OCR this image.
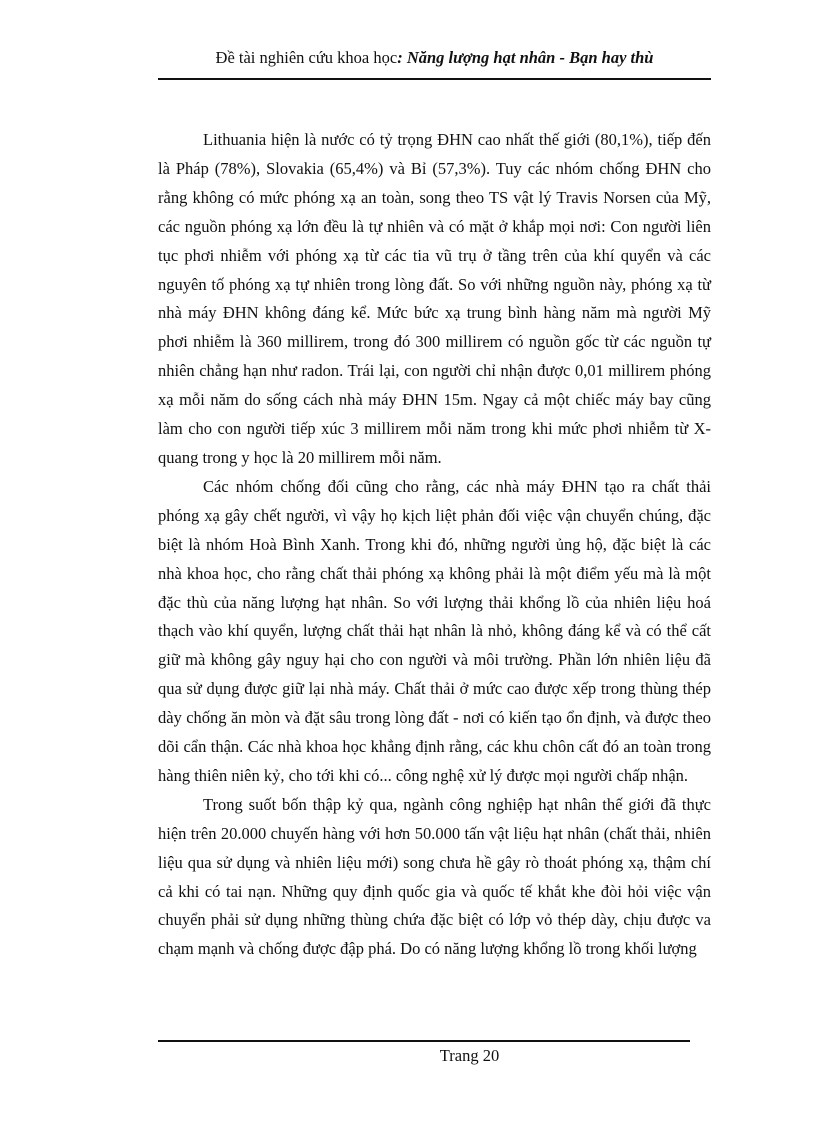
Đề tài nghiên cứu khoa học: Năng lượng hạt nhân - Bạn hay thù

Lithuania hiện là nước có tỷ trọng ĐHN cao nhất thế giới (80,1%), tiếp đến là Pháp (78%), Slovakia (65,4%) và Bỉ (57,3%). Tuy các nhóm chống ĐHN cho rằng không có mức phóng xạ an toàn, song theo TS vật lý Travis Norsen của Mỹ, các nguồn phóng xạ lớn đều là tự nhiên và có mặt ở khắp mọi nơi: Con người liên tục phơi nhiễm với phóng xạ từ các tia vũ trụ ở tầng trên của khí quyển và các nguyên tố phóng xạ tự nhiên trong lòng đất. So với những nguồn này, phóng xạ từ nhà máy ĐHN không đáng kể. Mức bức xạ trung bình hàng năm mà người Mỹ phơi nhiễm là 360 millirem, trong đó 300 millirem có nguồn gốc từ các nguồn tự nhiên chẳng hạn như radon. Trái lại, con người chỉ nhận được 0,01 millirem phóng xạ mỗi năm do sống cách nhà máy ĐHN 15m. Ngay cả một chiếc máy bay cũng làm cho con người tiếp xúc 3 millirem mỗi năm trong khi mức phơi nhiễm từ X-quang trong y học là 20 millirem mỗi năm.

Các nhóm chống đối cũng cho rằng, các nhà máy ĐHN tạo ra chất thải phóng xạ gây chết người, vì vậy họ kịch liệt phản đối việc vận chuyển chúng, đặc biệt là nhóm Hoà Bình Xanh. Trong khi đó, những người ủng hộ, đặc biệt là các nhà khoa học, cho rằng chất thải phóng xạ không phải là một điểm yếu mà là một đặc thù của năng lượng hạt nhân. So với lượng thải khổng lồ của nhiên liệu hoá thạch vào khí quyển, lượng chất thải hạt nhân là nhỏ, không đáng kể và có thể cất giữ mà không gây nguy hại cho con người và môi trường. Phần lớn nhiên liệu đã qua sử dụng được giữ lại nhà máy. Chất thải ở mức cao được xếp trong thùng thép dày chống ăn mòn và đặt sâu trong lòng đất - nơi có kiến tạo ổn định, và được theo dõi cẩn thận. Các nhà khoa học khẳng định rằng, các khu chôn cất đó an toàn trong hàng thiên niên kỷ, cho tới khi có... công nghệ xử lý được mọi người chấp nhận.

Trong suốt bốn thập kỷ qua, ngành công nghiệp hạt nhân thế giới đã thực hiện trên 20.000 chuyến hàng với hơn 50.000 tấn vật liệu hạt nhân (chất thải, nhiên liệu qua sử dụng và nhiên liệu mới) song chưa hề gây rò thoát phóng xạ, thậm chí cả khi có tai nạn. Những quy định quốc gia và quốc tế khắt khe đòi hỏi việc vận chuyển phải sử dụng những thùng chứa đặc biệt có lớp vỏ thép dày, chịu được va chạm mạnh và chống được đập phá. Do có năng lượng khổng lồ trong khối lượng

Trang 20
